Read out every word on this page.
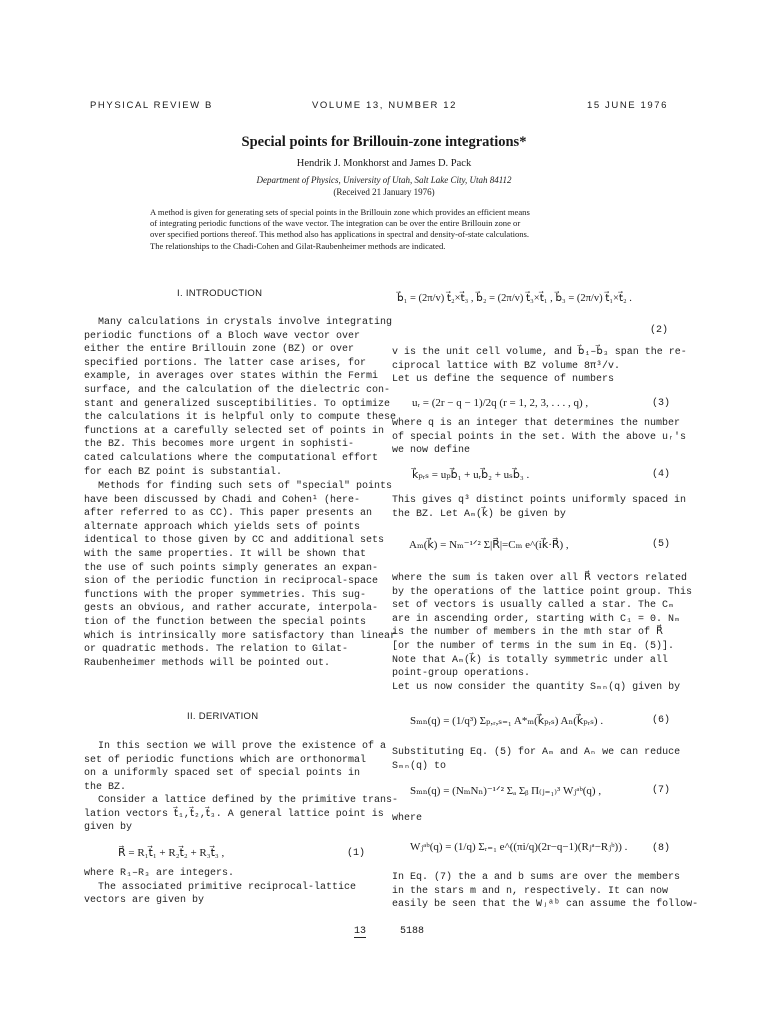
PHYSICAL REVIEW B	VOLUME 13, NUMBER 12	15 JUNE 1976
Special points for Brillouin-zone integrations*
Hendrik J. Monkhorst and James D. Pack
Department of Physics, University of Utah, Salt Lake City, Utah 84112
(Received 21 January 1976)
A method is given for generating sets of special points in the Brillouin zone which provides an efficient means
of integrating periodic functions of the wave vector. The integration can be over the entire Brillouin zone or
over specified portions thereof. This method also has applications in spectral and density-of-state calculations.
The relationships to the Chadi-Cohen and Gilat-Raubenheimer methods are indicated.
I. INTRODUCTION
Many calculations in crystals involve integrating
periodic functions of a Bloch wave vector over
either the entire Brillouin zone (BZ) or over
specified portions. The latter case arises, for
example, in averages over states within the Fermi
surface, and the calculation of the dielectric con-
stant and generalized susceptibilities. To optimize
the calculations it is helpful only to compute these
functions at a carefully selected set of points in
the BZ. This becomes more urgent in sophisti-
cated calculations where the computational effort
for each BZ point is substantial.
Methods for finding such sets of "special" points
have been discussed by Chadi and Cohen¹ (here-
after referred to as CC). This paper presents an
alternate approach which yields sets of points
identical to those given by CC and additional sets
with the same properties. It will be shown that
the use of such points simply generates an expan-
sion of the periodic function in reciprocal-space
functions with the proper symmetries. This sug-
gests an obvious, and rather accurate, interpola-
tion of the function between the special points
which is intrinsically more satisfactory than linear
or quadratic methods. The relation to Gilat-
Raubenheimer methods will be pointed out.
II. DERIVATION
In this section we will prove the existence of a
set of periodic functions which are orthonormal
on a uniformly spaced set of special points in
the BZ.
Consider a lattice defined by the primitive trans-
lation vectors t⃗₁,t⃗₂,t⃗₃. A general lattice point is
given by
R⃗ = R₁t⃗₁ + R₂t⃗₂ + R₃t⃗₃ ,	(1)
where R₁–R₃ are integers.
The associated primitive reciprocal-lattice
vectors are given by
b⃗₁ = (2π/v) t⃗₂×t⃗₃ , b⃗₂ = (2π/v) t⃗₃×t⃗₁ , b⃗₃ = (2π/v) t⃗₁×t⃗₂ .
(2)
v is the unit cell volume, and b⃗₁–b⃗₃ span the re-
ciprocal lattice with BZ volume 8π³/v.
Let us define the sequence of numbers
uᵣ = (2r − q − 1)/2q (r = 1, 2, 3, . . . , q) ,	(3)
where q is an integer that determines the number
of special points in the set. With the above uᵣ's
we now define
k⃗ₚᵣₛ = uₚb⃗₁ + uᵣb⃗₂ + uₛb⃗₃ .	(4)
This gives q³ distinct points uniformly spaced in
the BZ. Let Aₘ(k⃗) be given by
Aₘ(k⃗) = Nₘ⁻¹ᐟ² Σ|R⃗|=Cₘ e^(ik⃗·R⃗) ,	(5)
where the sum is taken over all R⃗ vectors related
by the operations of the lattice point group. This
set of vectors is usually called a star. The Cₘ
are in ascending order, starting with C₁ = 0. Nₘ
is the number of members in the mth star of R⃗
[or the number of terms in the sum in Eq. (5)].
Note that Aₘ(k⃗) is totally symmetric under all
point-group operations.
Let us now consider the quantity Sₘₙ(q) given by
Sₘₙ(q) = (1/q³) Σₚ,ᵣ,ₛ₌₁ A*ₘ(k⃗ₚᵣₛ) Aₙ(k⃗ₚᵣₛ) .	(6)
Substituting Eq. (5) for Aₘ and Aₙ we can reduce
Sₘₙ(q) to
Sₘₙ(q) = (NₘNₙ)⁻¹ᐟ² Σₐ Σᵦ Π₍ⱼ₌₁₎³ Wⱼᵃᵇ(q) ,	(7)
where
Wⱼᵃᵇ(q) = (1/q) Σᵣ₌₁ e^((πi/q)(2r−q−1)(Rⱼᵃ−Rⱼᵇ)) . (8)
In Eq. (7) the a and b sums are over the members
in the stars m and n, respectively. It can now
easily be seen that the Wⱼᵃᵇ can assume the follow-
13	5188
